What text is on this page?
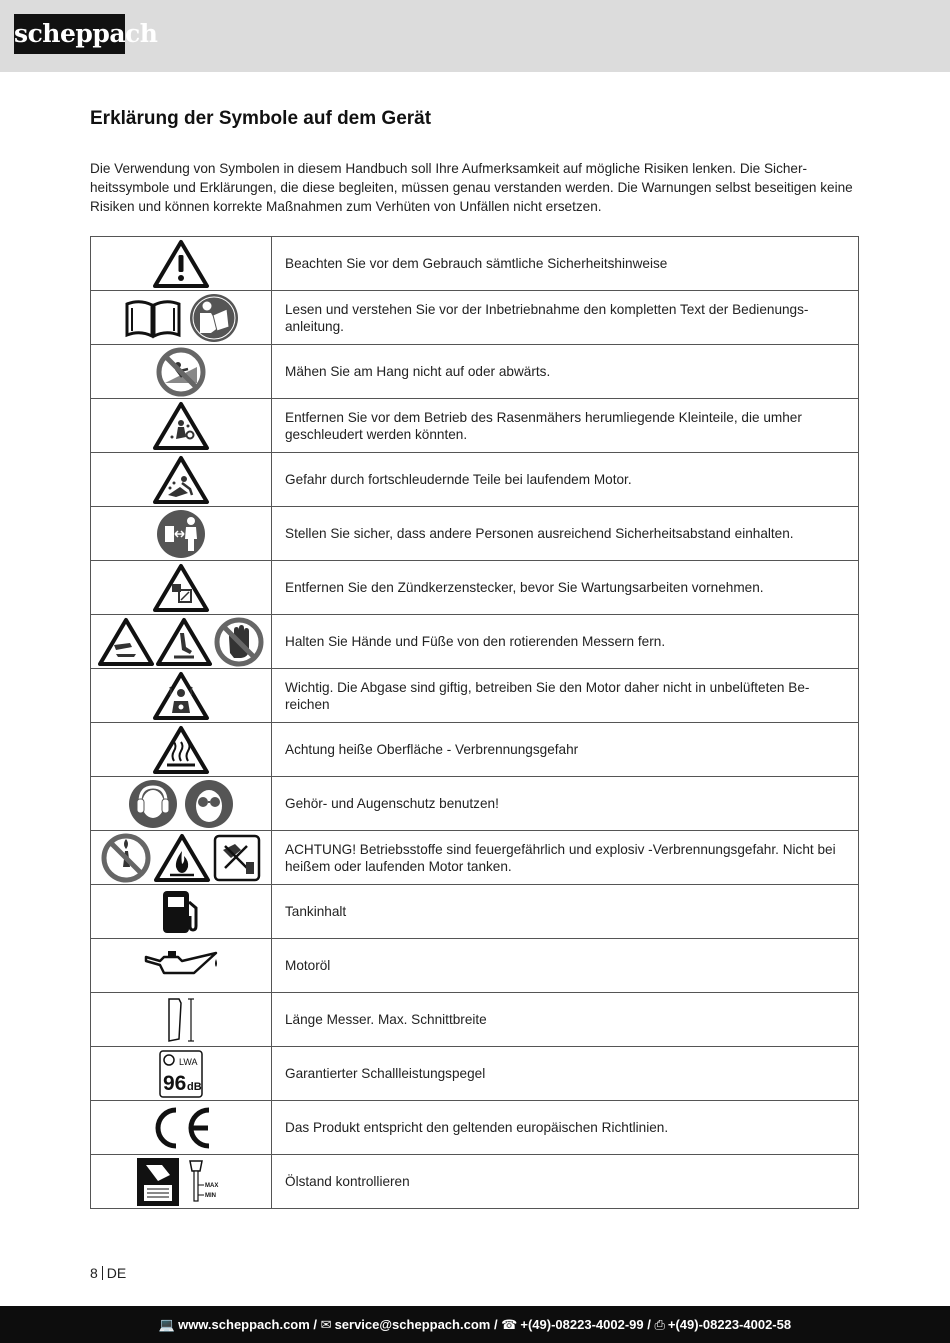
scheppach
Erklärung der Symbole auf dem Gerät

Die Verwendung von Symbolen in diesem Handbuch soll Ihre Aufmerksamkeit auf mögliche Risiken lenken. Die Sicher-heitssymbole und Erklärungen, die diese begleiten, müssen genau verstanden werden. Die Warnungen selbst beseitigen keine Risiken und können korrekte Maßnahmen zum Verhüten von Unfällen nicht ersetzen.

	Beachten Sie vor dem Gebrauch sämtliche Sicherheitshinweise
	Lesen und verstehen Sie vor der Inbetriebnahme den kompletten Text der Bedienungs-anleitung.
	Mähen Sie am Hang nicht auf oder abwärts.
	Entfernen Sie vor dem Betrieb des Rasenmähers herumliegende Kleinteile, die umher geschleudert werden könnten.
	Gefahr durch fortschleudernde Teile bei laufendem Motor.
	Stellen Sie sicher, dass andere Personen ausreichend Sicherheitsabstand einhalten.
	Entfernen Sie den Zündkerzenstecker, bevor Sie Wartungsarbeiten vornehmen.
	Halten Sie Hände und Füße von den rotierenden Messern fern.
	Wichtig. Die Abgase sind giftig, betreiben Sie den Motor daher nicht in unbelüfteten Be-reichen
	Achtung heiße Oberfläche - Verbrennungsgefahr
	Gehör- und Augenschutz benutzen!
	ACHTUNG! Betriebsstoffe sind feuergefährlich und explosiv -Verbrennungsgefahr. Nicht bei heißem oder laufenden Motor tanken.
	Tankinhalt
	Motoröl
	Länge Messer. Max. Schnittbreite

LWA
96 dB	Garantierter Schallleistungspegel
	Das Produkt entspricht den geltenden europäischen Richtlinien.

MAX
MIN	Ölstand kontrollieren
8 DE
💻 www.scheppach.com / ✉ service@scheppach.com / ☎ +(49)-08223-4002-99 / ⎙ +(49)-08223-4002-58
